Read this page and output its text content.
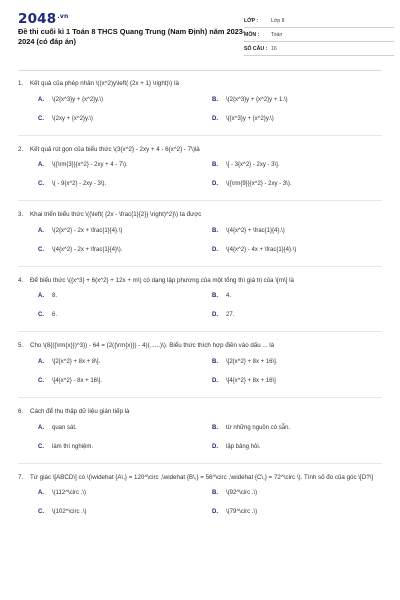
$2048^{.vn}$
Đề thi cuối kì 1 Toán 8 THCS Quang Trung (Nam Định) năm 2023-2024 (có đáp án)
LỚP :	Lớp 8
MÔN :	Toán
SỐ CÂU : 16
1.	Kết quả của phép nhân \((x^2)y\left( {2x + 1} \right)\) là
A.	\(2{x^3}y + {x^2}y.\)	B.	\(2{x^3}y + {x^2}y + 1.\)
C.	\(2xy + {x^2}y.\)	D.	\({x^3}y + {x^2}y.\)
2.	Kết quả rút gọn của biểu thức \(3{x^2} - 2xy + 4 - 6{x^2} - 7\)là
A.	\({\rm{3}}{x^2} - 2xy + 4 - 7\).	B.	\[ - 3{x^2} - 2xy - 3\].
C.	\( - 9{x^2} - 2xy - 3\).	D.	\({\rm{9}}{x^2} - 2xy - 3\).
3.	Khai triển biểu thức \({\left( {2x - \frac{1}{2}} \right)^2}\) ta được
A.	\(2{x^2} - 2x + \frac{1}{4}.\)	B.	\(4{x^2} + \frac{1}{4}.\)
C.	\(4{x^2} - 2x + \frac{1}{4}\).	D.	\(4{x^2} - 4x + \frac{1}{4}.\)
4.	Để biểu thức \({x^3} + 6{x^2} + 12x + m\) có dạng lập phương của một tổng thì giá trị của \[m\] là
A.	8.	B.	4.
C.	6.	D.	27.
5.	Cho \(8{({\rm{x}})^3}) - 64 = (2({\rm{x}}) - 4)(......)\). Biểu thức thích hợp điền vào dấu ... là
A.	\[2{x^2} + 8x + 8\].	B.	\[2{x^2} + 8x + 16\].
C.	\[4{x^2} - 8x + 16\].	D.	\[4{x^2} + 8x + 16\]
6.	Cách để thu thập dữ liệu gián tiếp là
A.	quan sát.	B.	từ những nguồn có sẵn.
C.	làm thí nghiệm.	D.	lập bảng hỏi.
7.	Tứ giác \[ABCD\] có \(\widehat {A\,} = 120^\circ ,\widehat {B\,} = 56^\circ ,\widehat {C\,} = 72^\circ \). Tính số đo của góc \[D?\]
A.	\(112^\circ .\)	B.	\(92^\circ .\)
C.	\(102^\circ .\)	D.	\(79^\circ .\)
